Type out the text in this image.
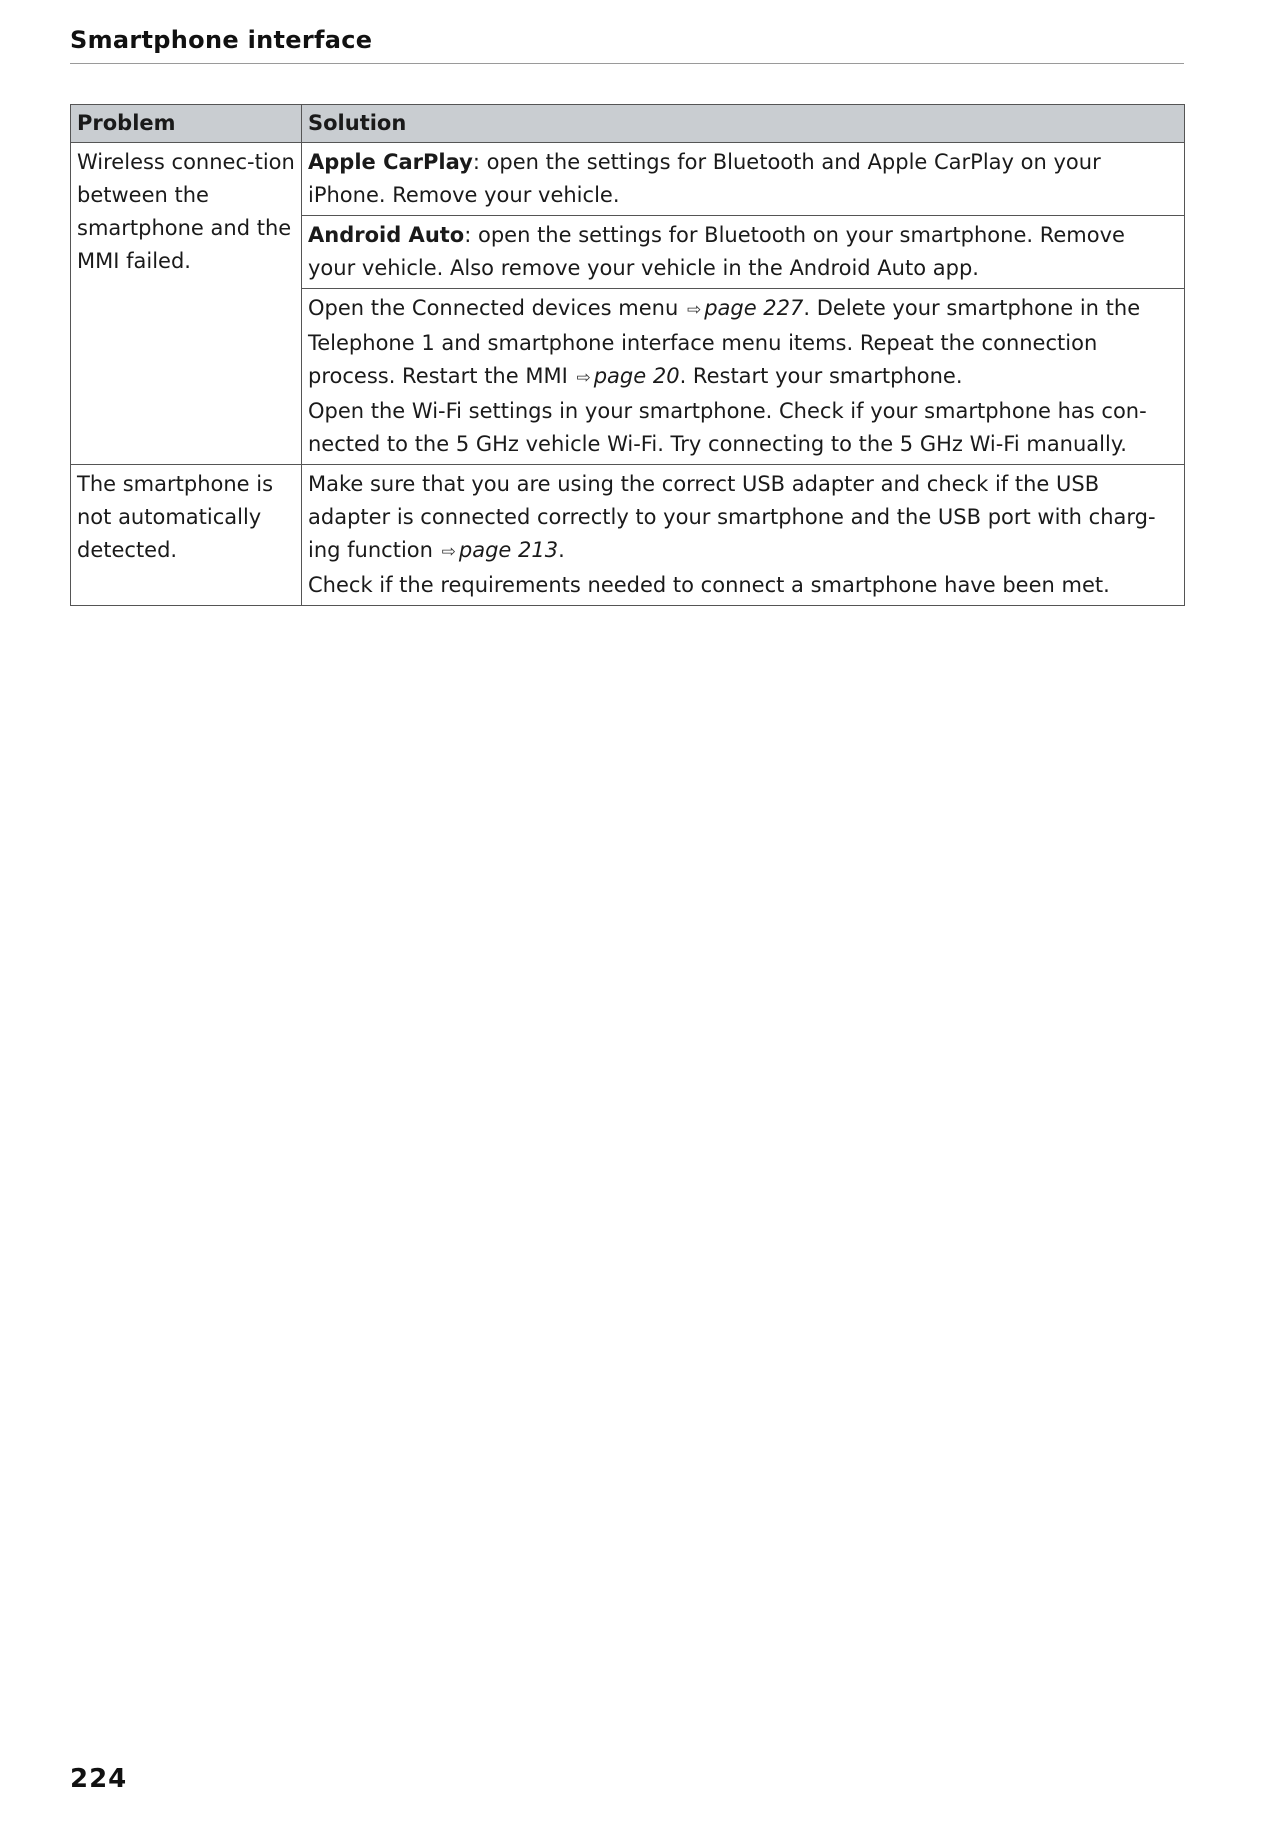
Smartphone interface
Problem	Solution
Wireless connec-tion between the smartphone and the MMI failed.	Apple CarPlay: open the settings for Bluetooth and Apple CarPlay on your iPhone. Remove your vehicle.
	Android Auto: open the settings for Bluetooth on your smartphone. Remove your vehicle. Also remove your vehicle in the Android Auto app.
	Open the Connected devices menu ⇨ page 227. Delete your smartphone in the Telephone 1 and smartphone interface menu items. Repeat the connection process. Restart the MMI ⇨ page 20. Restart your smartphone.
Open the Wi-Fi settings in your smartphone. Check if your smartphone has con-nected to the 5 GHz vehicle Wi-Fi. Try connecting to the 5 GHz Wi-Fi manually.

The smartphone is not automatically detected.	Make sure that you are using the correct USB adapter and check if the USB adapter is connected correctly to your smartphone and the USB port with charg-ing function ⇨ page 213.
Check if the requirements needed to connect a smartphone have been met.
224
